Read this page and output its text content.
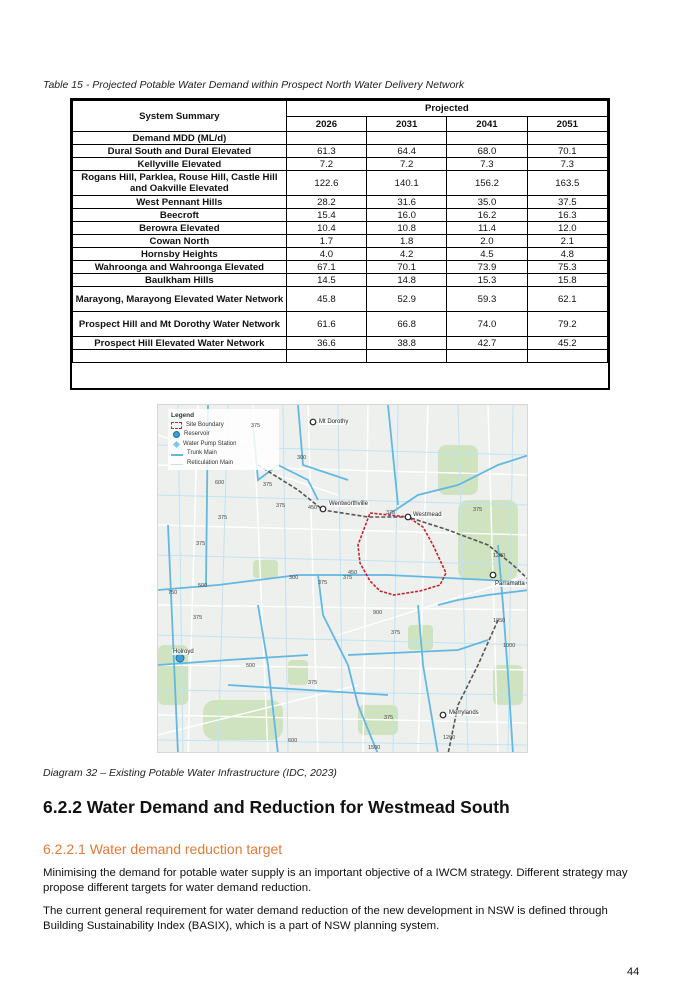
Table 15 - Projected Potable Water Demand within Prospect North Water Delivery Network
System Summary	Projected			
	2026	2031	2041	2051
Demand MDD (ML/d)				
Dural South and Dural Elevated	61.3	64.4	68.0	70.1
Kellyville Elevated	7.2	7.2	7.3	7.3
Rogans Hill, Parklea, Rouse Hill, Castle Hill and Oakville Elevated	122.6	140.1	156.2	163.5
West Pennant Hills	28.2	31.6	35.0	37.5
Beecroft	15.4	16.0	16.2	16.3
Berowra Elevated	10.4	10.8	11.4	12.0
Cowan North	1.7	1.8	2.0	2.1
Hornsby Heights	4.0	4.2	4.5	4.8
Wahroonga and Wahroonga Elevated	67.1	70.1	73.9	75.3
Baulkham Hills	14.5	14.8	15.3	15.8
Marayong, Marayong Elevated Water Network	45.8	52.9	59.3	62.1
Prospect Hill and Mt Dorothy Water Network	61.6	66.8	74.0	79.2
Prospect Hill Elevated Water Network	36.6	38.8	42.7	45.2

Legend
Site Boundary
Reservoir
Water Pump Station
Trunk Main
Reticulation Main
Mt Dorothy
Wentworthville
Westmead
Parramatta
Holroyd
Merrylands
375
300
375	450
375
375
450
375
300
750
500
600
375
375
500
375
900
375
1050
1200
375
1200
1000
375
1500
600
375
375
Diagram 32 – Existing Potable Water Infrastructure (IDC, 2023)
6.2.2 Water Demand and Reduction for Westmead South
6.2.2.1 Water demand reduction target

Minimising the demand for potable water supply is an important objective of a IWCM strategy. Different strategy may propose different targets for water demand reduction.

The current general requirement for water demand reduction of the new development in NSW is defined through Building Sustainability Index (BASIX), which is a part of NSW planning system.

44
